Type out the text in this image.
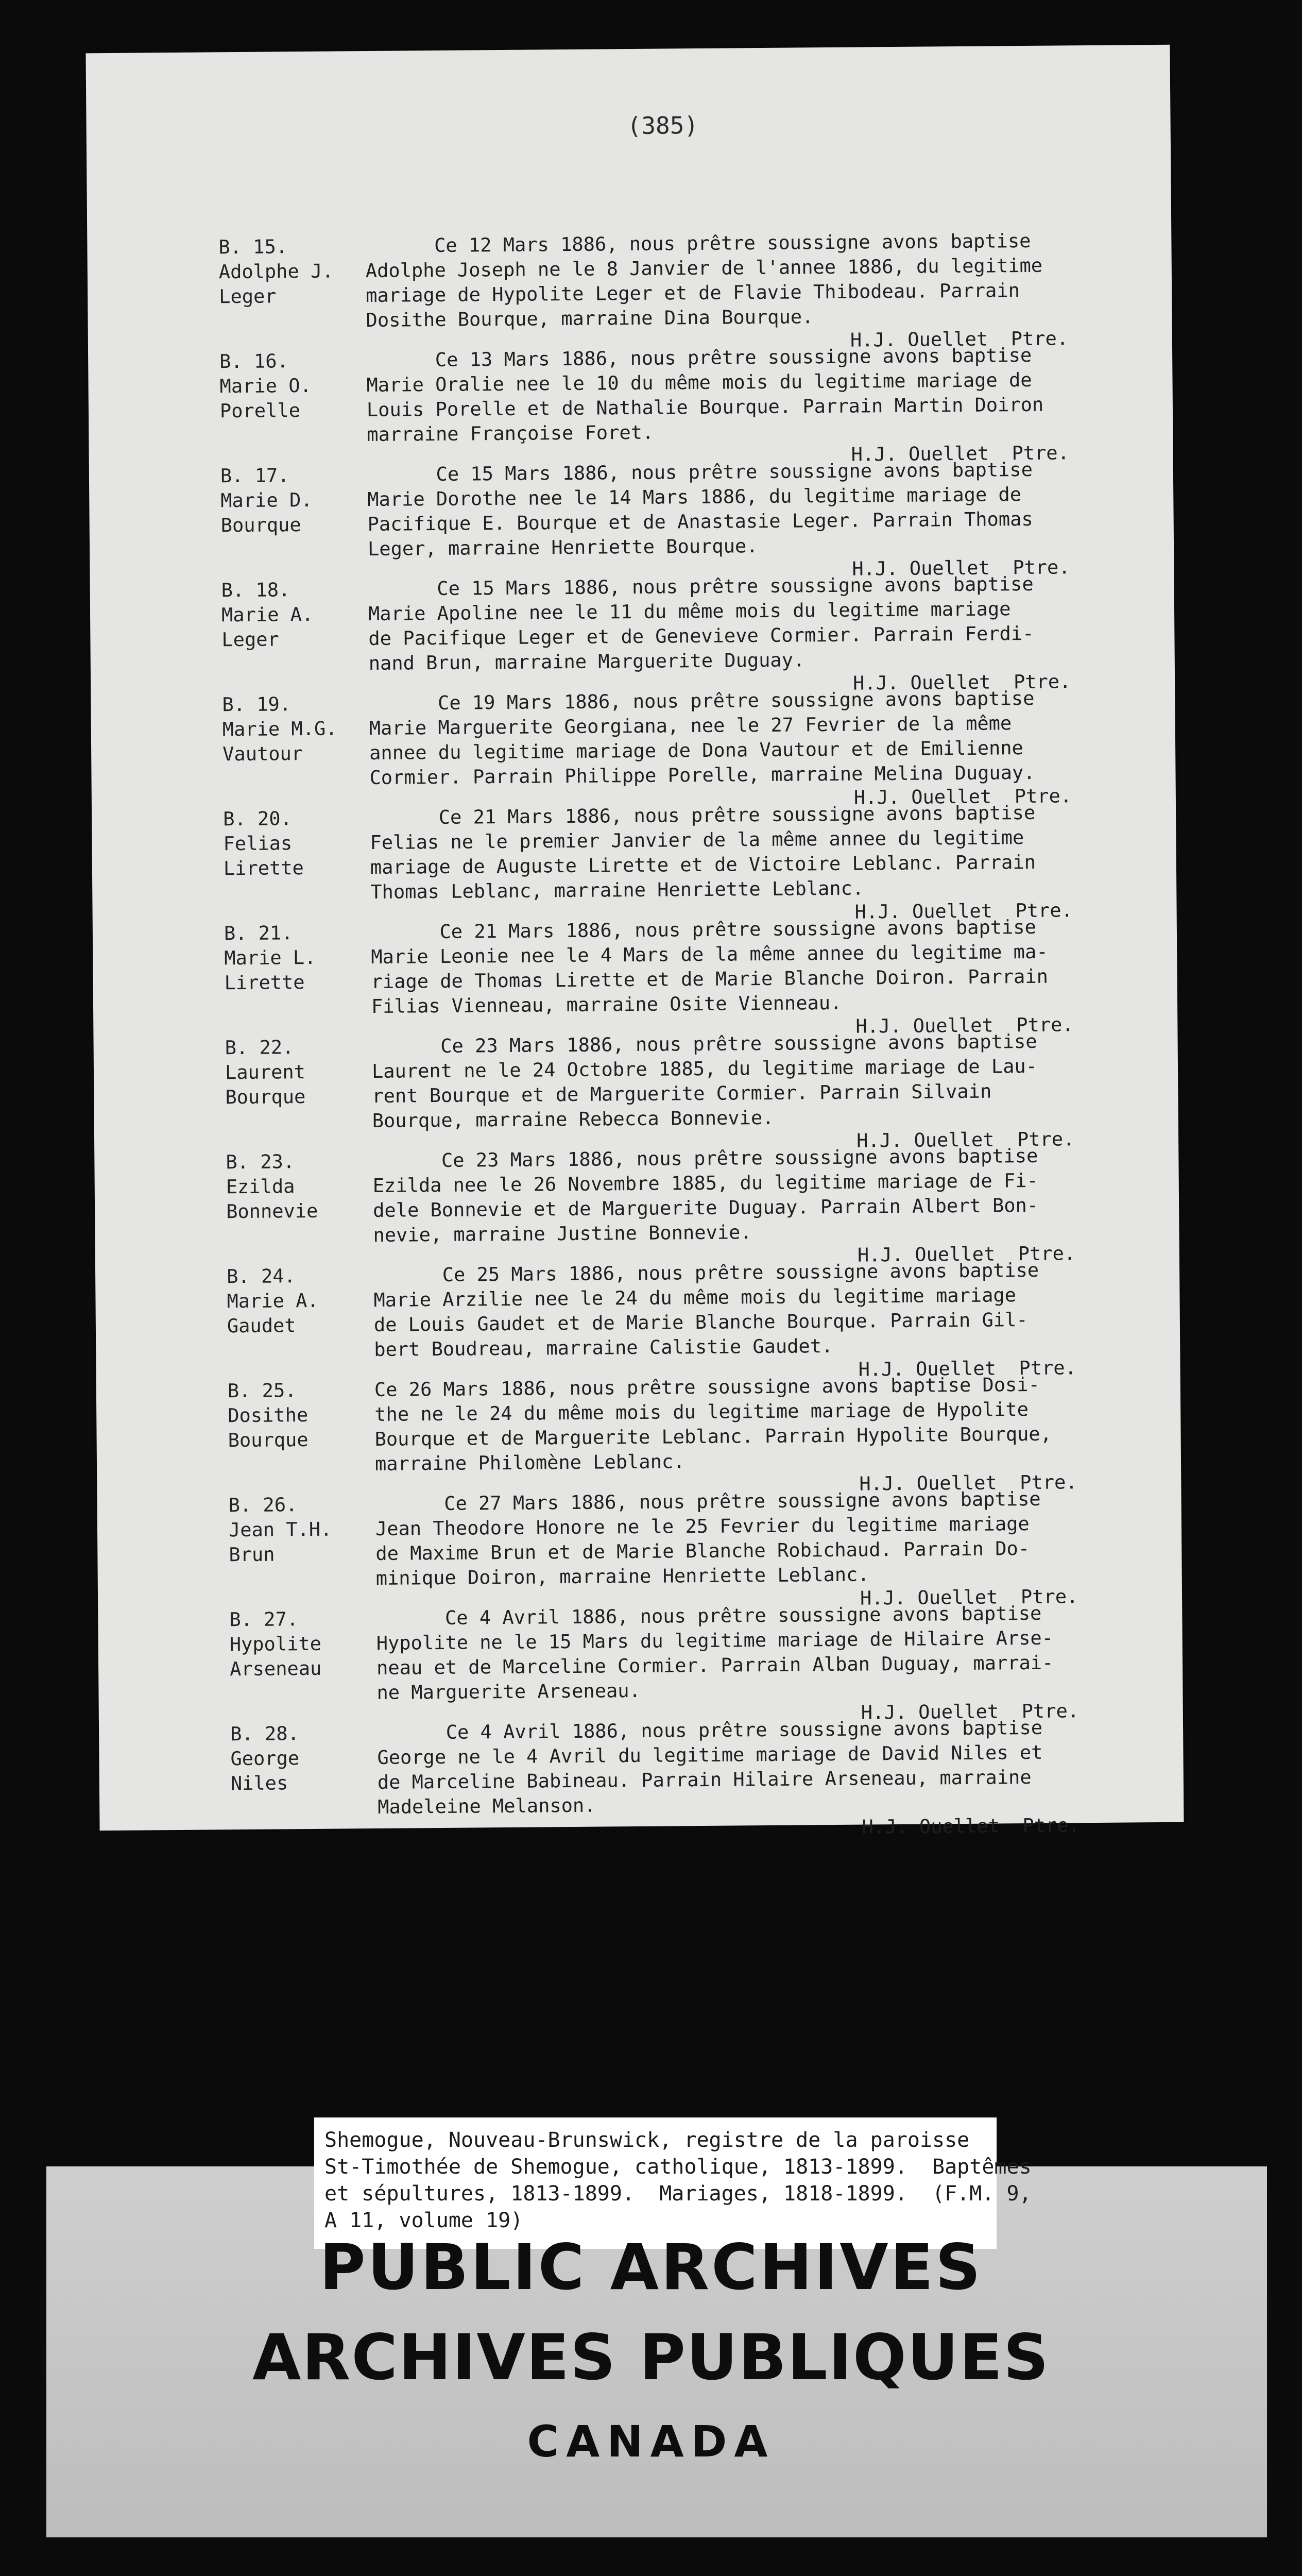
(385)
B. 15.
Adolphe J.
Leger
Ce 12 Mars 1886, nous prêtre soussigne avons baptise
Adolphe Joseph ne le 8 Janvier de l'annee 1886, du legitime
mariage de Hypolite Leger et de Flavie Thibodeau. Parrain
Dosithe Bourque, marraine Dina Bourque.
H.J. Ouellet  Ptre.
B. 16.
Marie O.
Porelle
Ce 13 Mars 1886, nous prêtre soussigne avons baptise
Marie Oralie nee le 10 du même mois du legitime mariage de
Louis Porelle et de Nathalie Bourque. Parrain Martin Doiron
marraine Françoise Foret.
H.J. Ouellet  Ptre.
B. 17.
Marie D.
Bourque
Ce 15 Mars 1886, nous prêtre soussigne avons baptise
Marie Dorothe nee le 14 Mars 1886, du legitime mariage de
Pacifique E. Bourque et de Anastasie Leger. Parrain Thomas
Leger, marraine Henriette Bourque.
H.J. Ouellet  Ptre.
B. 18.
Marie A.
Leger
Ce 15 Mars 1886, nous prêtre soussigne avons baptise
Marie Apoline nee le 11 du même mois du legitime mariage
de Pacifique Leger et de Genevieve Cormier. Parrain Ferdi-
nand Brun, marraine Marguerite Duguay.
H.J. Ouellet  Ptre.
B. 19.
Marie M.G.
Vautour
Ce 19 Mars 1886, nous prêtre soussigne avons baptise
Marie Marguerite Georgiana, nee le 27 Fevrier de la même
annee du legitime mariage de Dona Vautour et de Emilienne
Cormier. Parrain Philippe Porelle, marraine Melina Duguay.
H.J. Ouellet  Ptre.
B. 20.
Felias
Lirette
Ce 21 Mars 1886, nous prêtre soussigne avons baptise
Felias ne le premier Janvier de la même annee du legitime
mariage de Auguste Lirette et de Victoire Leblanc. Parrain
Thomas Leblanc, marraine Henriette Leblanc.
H.J. Ouellet  Ptre.
B. 21.
Marie L.
Lirette
Ce 21 Mars 1886, nous prêtre soussigne avons baptise
Marie Leonie nee le 4 Mars de la même annee du legitime ma-
riage de Thomas Lirette et de Marie Blanche Doiron. Parrain
Filias Vienneau, marraine Osite Vienneau.
H.J. Ouellet  Ptre.
B. 22.
Laurent
Bourque
Ce 23 Mars 1886, nous prêtre soussigne avons baptise
Laurent ne le 24 Octobre 1885, du legitime mariage de Lau-
rent Bourque et de Marguerite Cormier. Parrain Silvain
Bourque, marraine Rebecca Bonnevie.
H.J. Ouellet  Ptre.
B. 23.
Ezilda
Bonnevie
Ce 23 Mars 1886, nous prêtre soussigne avons baptise
Ezilda nee le 26 Novembre 1885, du legitime mariage de Fi-
dele Bonnevie et de Marguerite Duguay. Parrain Albert Bon-
nevie, marraine Justine Bonnevie.
H.J. Ouellet  Ptre.
B. 24.
Marie A.
Gaudet
Ce 25 Mars 1886, nous prêtre soussigne avons baptise
Marie Arzilie nee le 24 du même mois du legitime mariage
de Louis Gaudet et de Marie Blanche Bourque. Parrain Gil-
bert Boudreau, marraine Calistie Gaudet.
H.J. Ouellet  Ptre.
B. 25.
Dosithe
Bourque
Ce 26 Mars 1886, nous prêtre soussigne avons baptise Dosi-
the ne le 24 du même mois du legitime mariage de Hypolite
Bourque et de Marguerite Leblanc. Parrain Hypolite Bourque,
marraine Philomène Leblanc.
H.J. Ouellet  Ptre.
B. 26.
Jean T.H.
Brun
Ce 27 Mars 1886, nous prêtre soussigne avons baptise
Jean Theodore Honore ne le 25 Fevrier du legitime mariage
de Maxime Brun et de Marie Blanche Robichaud. Parrain Do-
minique Doiron, marraine Henriette Leblanc.
H.J. Ouellet  Ptre.
B. 27.
Hypolite
Arseneau
Ce 4 Avril 1886, nous prêtre soussigne avons baptise
Hypolite ne le 15 Mars du legitime mariage de Hilaire Arse-
neau et de Marceline Cormier. Parrain Alban Duguay, marrai-
ne Marguerite Arseneau.
H.J. Ouellet  Ptre.
B. 28.
George
Niles
Ce 4 Avril 1886, nous prêtre soussigne avons baptise
George ne le 4 Avril du legitime mariage de David Niles et
de Marceline Babineau. Parrain Hilaire Arseneau, marraine
Madeleine Melanson.
H.J. Ouellet  Ptre.
Shemogue, Nouveau-Brunswick, registre de la paroisse
St-Timothée de Shemogue, catholique, 1813-1899.  Baptêmes
et sépultures, 1813-1899.  Mariages, 1818-1899.  (F.M. 9,
A 11, volume 19)
PUBLIC ARCHIVES
ARCHIVES PUBLIQUES
CANADA
